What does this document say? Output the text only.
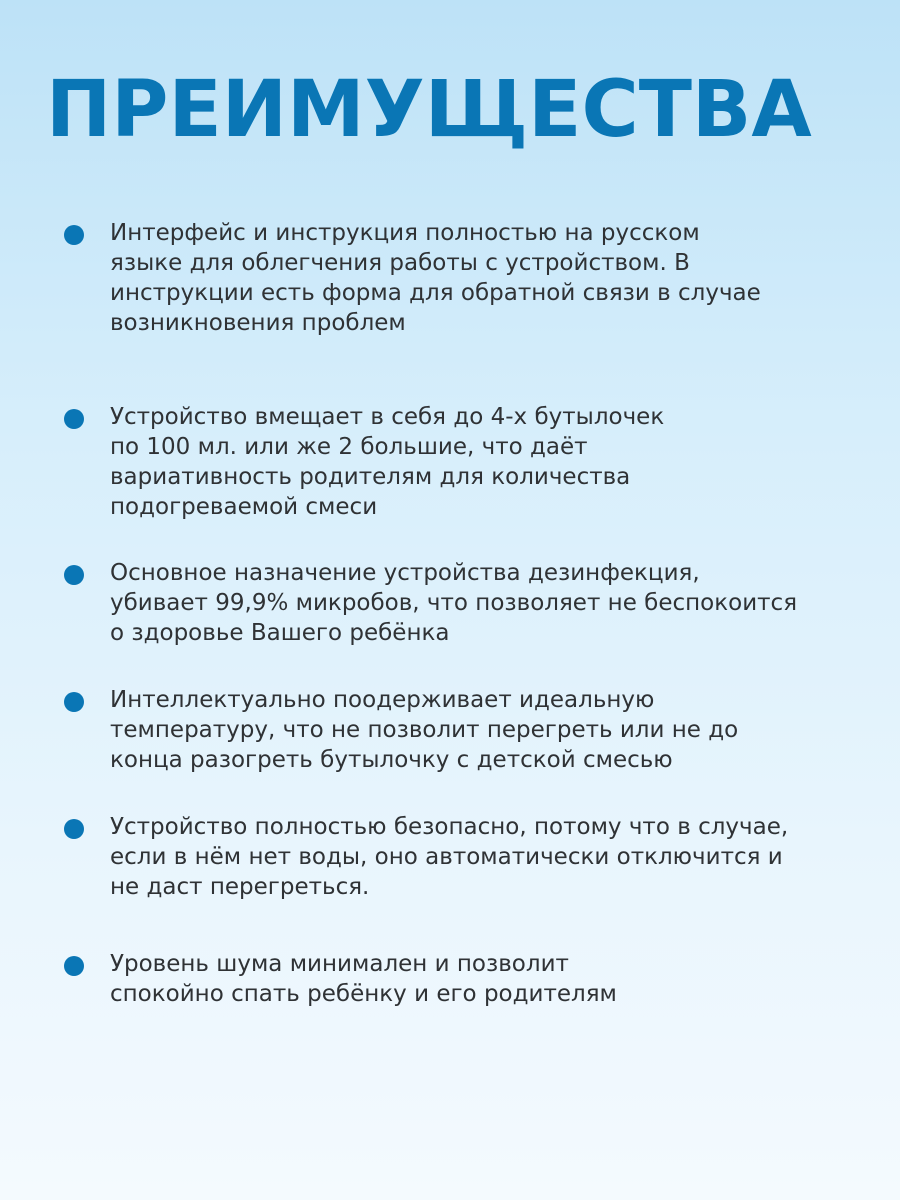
ПРЕИМУЩЕСТВА
Интерфейс и инструкция полностью на русском
языке для облегчения работы с устройством. В
инструкции есть форма для обратной связи в случае
возникновения проблем
Устройство вмещает в себя до 4-х бутылочек
по 100 мл. или же 2 большие, что даёт
вариативность родителям для количества
подогреваемой смеси
Основное назначение устройства дезинфекция,
убивает 99,9% микробов, что позволяет не беспокоится
о здоровье Вашего ребёнка
Интеллектуально поодерживает идеальную
температуру, что не позволит перегреть или не до
конца разогреть бутылочку с детской смесью
Устройство полностью безопасно, потому что в случае,
если в нём нет воды, оно автоматически отключится и
не даст перегреться.
Уровень шума минимален и позволит
спокойно спать ребёнку и его родителям
